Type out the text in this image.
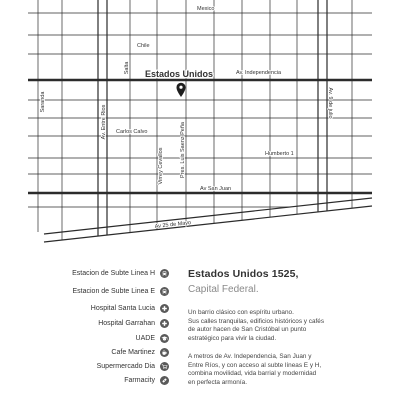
Mexico
Chile
Estados Unidos	Av. Independencia
Salta
Saranda
Av. Entre Rios Carlos Calvo
Virrey Cevallos	Pres. Luis Saenz Peña	Humberto 1
Av. 9 de julio
Av San Juan
Av 25 de Mayo
Estacion de Subte Linea H
Estacion de Subte Linea E
Hospital Santa Lucia
Hospital Garrahan
UADE
Cafe Martinez
Supermercado Dia
Farmacity
Estados Unidos 1525,
Capital Federal.
Un barrio clásico con espíritu urbano.
Sus calles tranquilas, edificios históricos y cafés
de autor hacen de San Cristóbal un punto
estratégico para vivir la ciudad.
A metros de Av. Independencia, San Juan y
Entre Ríos, y con acceso al subte líneas E y H,
combina movilidad, vida barrial y modernidad
en perfecta armonía.
